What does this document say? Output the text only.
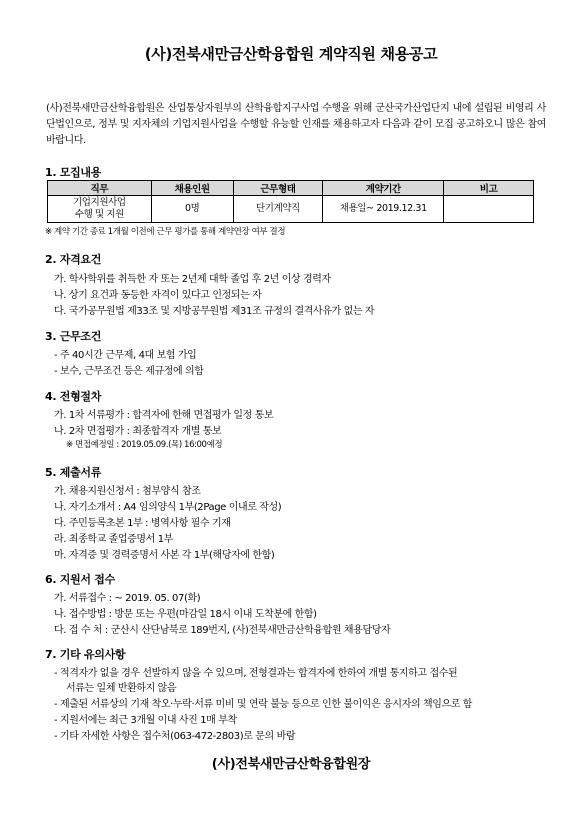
(사)전북새만금산학융합원 계약직원 채용공고
(사)전북새만금산학융합원은 산업통상자원부의 산학융합지구사업 수행을 위해 군산국가산업단지 내에 설립된 비영리 사단법인으로, 정부 및 지자체의 기업지원사업을 수행할 유능할 인재를 채용하고자 다음과 같이 모집 공고하오니 많은 참여바랍니다.
1. 모집내용
직무	채용인원	근무형태	계약기간	비고

기업지원사업
수행 및 지원	0명	단기계약직	채용일~ 2019.12.31	
※ 계약 기간 종료 1개월 이전에 근무 평가를 통해 계약연장 여부 결정
2. 자격요건
가. 학사학위를 취득한 자 또는 2년제 대학 졸업 후 2년 이상 경력자
나. 상기 요건과 동등한 자격이 있다고 인정되는 자
다. 국가공무원법 제33조 및 지방공무원법 제31조 규정의 결격사유가 없는 자
3. 근무조건
- 주 40시간 근무제, 4대 보험 가입
- 보수, 근무조건 등은 제규정에 의함
4. 전형절차
가. 1차 서류평가 : 합격자에 한해 면접평가 일정 통보
나. 2차 면접평가 : 최종합격자 개별 통보
※ 면접예정일 : 2019.05.09.(목) 16:00예정
5. 제출서류
가. 채용지원신청서 : 첨부양식 참조
나. 자기소개서 : A4 임의양식 1부(2Page 이내로 작성)
다. 주민등록초본 1부 : 병역사항 필수 기재
라. 최종학교 졸업증명서 1부
마. 자격증 및 경력증명서 사본 각 1부(해당자에 한함)
6. 지원서 접수
가. 서류접수 : ~ 2019. 05. 07(화)
나. 접수방법 : 방문 또는 우편(마감일 18시 이내 도착분에 한함)
다. 접 수 처 : 군산시 산단남북로 189번지, (사)전북새만금산학융합원 채용담당자
7. 기타 유의사항
- 적격자가 없을 경우 선발하지 않을 수 있으며, 전형결과는 합격자에 한하여 개별 통지하고 접수된
서류는 일체 반환하지 않음
- 제출된 서류상의 기재 착오·누락·서류 미비 및 연락 불능 등으로 인한 불이익은 응시자의 책임으로 함
- 지원서에는 최근 3개월 이내 사진 1매 부착
- 기타 자세한 사항은 접수처(063-472-2803)로 문의 바람
(사)전북새만금산학융합원장
